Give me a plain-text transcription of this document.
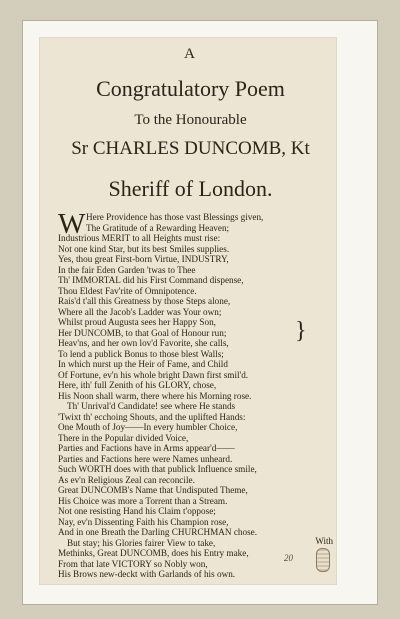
A
Congratulatory Poem
To the Honourable
Sr CHARLES DUNCOMB, Kt
Sheriff of London.
W Here Providence has those vast Blessings given,
The Gratitude of a Rewarding Heaven;
Industrious MERIT to all Heights must rise:
Not one kind Star, but its best Smiles supplies.
Yes, thou great First-born Virtue, INDUSTRY,
In the fair Eden Garden 'twas to Thee
Th' IMMORTAL did his First Command dispense,
Thou Eldest Fav'rite of Omnipotence.
Rais'd t'all this Greatness by those Steps alone,
Where all the Jacob's Ladder was Your own;
Whilst proud Augusta sees her Happy Son,
Her DUNCOMB, to that Goal of Honour run;
Heav'ns, and her own lov'd Favorite, she calls,
To lend a publick Bonus to those blest Walls;
In which nurst up the Heir of Fame, and Child
Of Fortune, ev'n his whole bright Dawn first smil'd.
Here, ith' full Zenith of his GLORY, chose,
His Noon shall warm, there where his Morning rose.
Th' Unrival'd Candidate! see where He stands
'Twixt th' ecchoing Shouts, and the uplifted Hands:
One Mouth of Joy——In every humbler Choice,
There in the Popular divided Voice,
Parties and Factions have in Arms appear'd——
Parties and Factions here were Names unheard.
Such WORTH does with that publick Influence smile,
As ev'n Religious Zeal can reconcile.
Great DUNCOMB's Name that Undisputed Theme,
His Choice was more a Torrent than a Stream.
Not one resisting Hand his Claim t'oppose;
Nay, ev'n Dissenting Faith his Champion rose,
And in one Breath the Darling CHURCHMAN chose.
But stay; his Glories fairer View to take,
Methinks, Great DUNCOMB, does his Entry make,
From that late VICTORY so Nobly won,
His Brows new-deckt with Garlands of his own.
}
With
20
